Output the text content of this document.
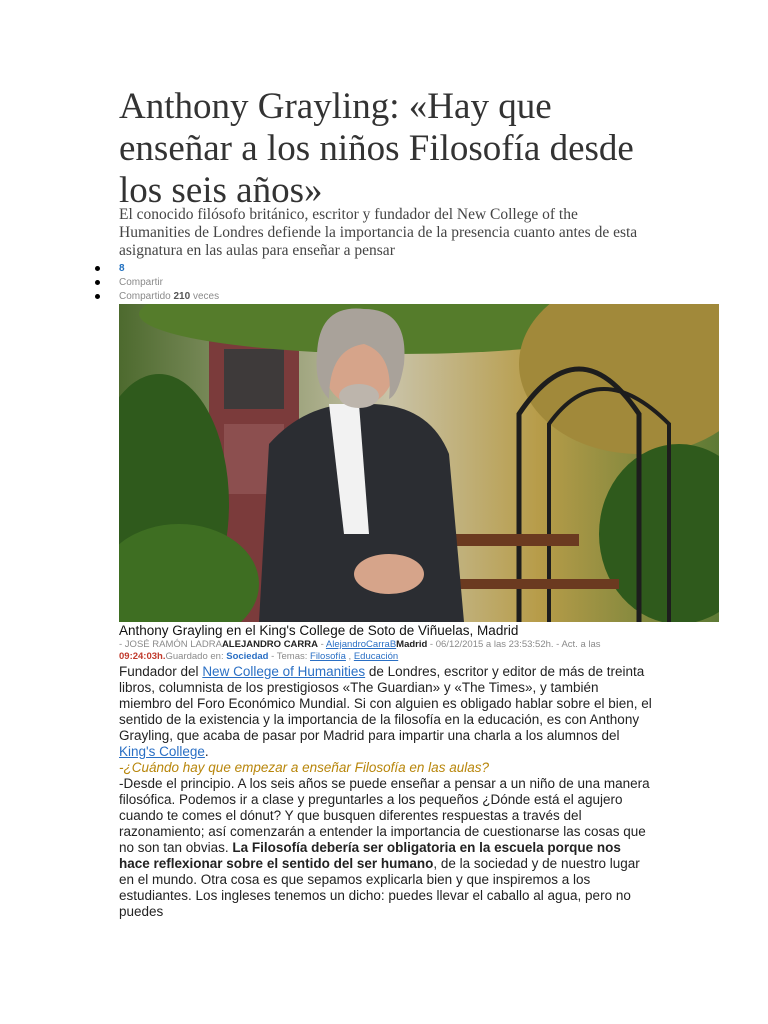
Anthony Grayling: «Hay que enseñar a los niños Filosofía desde los seis años»

El conocido filósofo británico, escritor y fundador del New College of the Humanities de Londres defiende la importancia de la presencia cuanto antes de esta asignatura en las aulas para enseñar a pensar

8
Compartir
Compartido 210 veces
Anthony Grayling en el King's College de Soto de Viñuelas, Madrid
- JOSÉ RAMÓN LADRAALEJANDRO CARRA - AlejandroCarraBMadrid - 06/12/2015 a las 23:53:52h. - Act. a las 09:24:03h.Guardado en: Sociedad - Temas: Filosofía , Educación

Fundador del New College of Humanities de Londres, escritor y editor de más de treinta libros, columnista de los prestigiosos «The Guardian» y «The Times», y también miembro del Foro Económico Mundial. Si con alguien es obligado hablar sobre el bien, el sentido de la existencia y la importancia de la filosofía en la educación, es con Anthony Grayling, que acaba de pasar por Madrid para impartir una charla a los alumnos del King's College.

-¿Cuándo hay que empezar a enseñar Filosofía en las aulas?

-Desde el principio. A los seis años se puede enseñar a pensar a un niño de una manera filosófica. Podemos ir a clase y preguntarles a los pequeños ¿Dónde está el agujero cuando te comes el dónut? Y que busquen diferentes respuestas a través del razonamiento; así comenzarán a entender la importancia de cuestionarse las cosas que no son tan obvias. La Filosofía debería ser obligatoria en la escuela porque nos hace reflexionar sobre el sentido del ser humano, de la sociedad y de nuestro lugar en el mundo. Otra cosa es que sepamos explicarla bien y que inspiremos a los estudiantes. Los ingleses tenemos un dicho: puedes llevar el caballo al agua, pero no puedes
